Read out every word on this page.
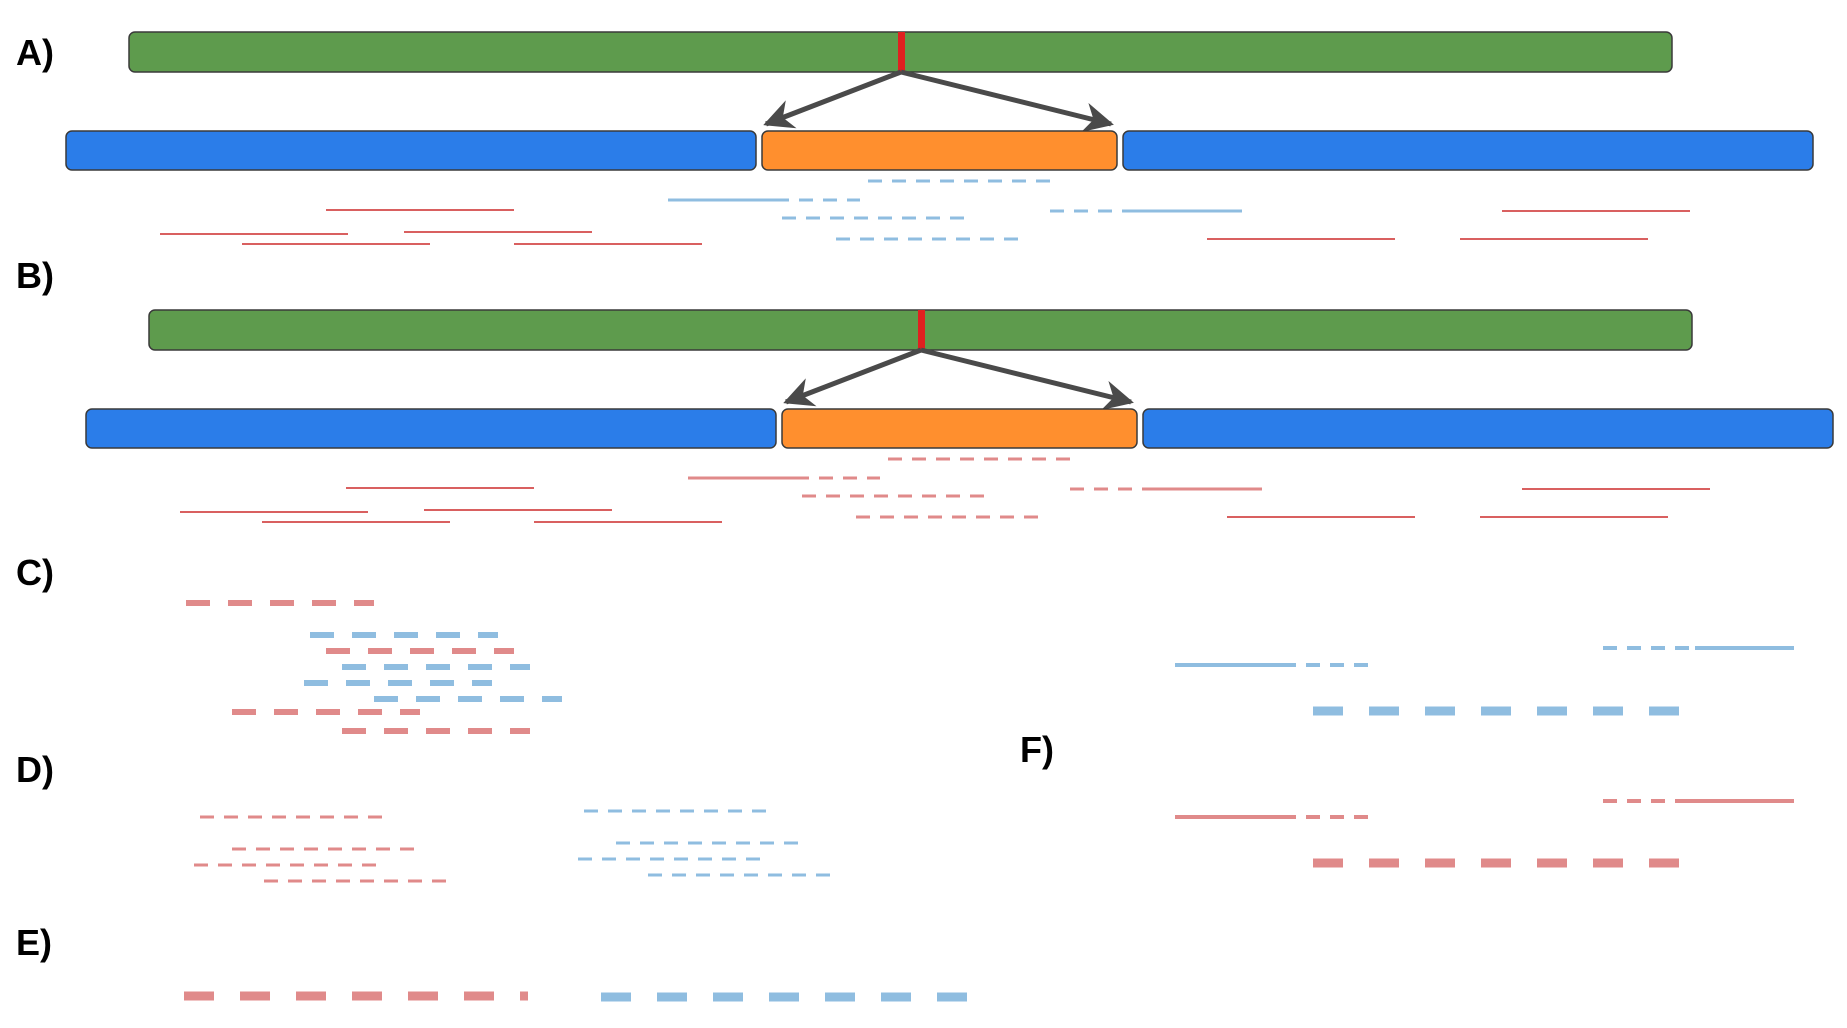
A)
B)
C)
D)
E)
F)
